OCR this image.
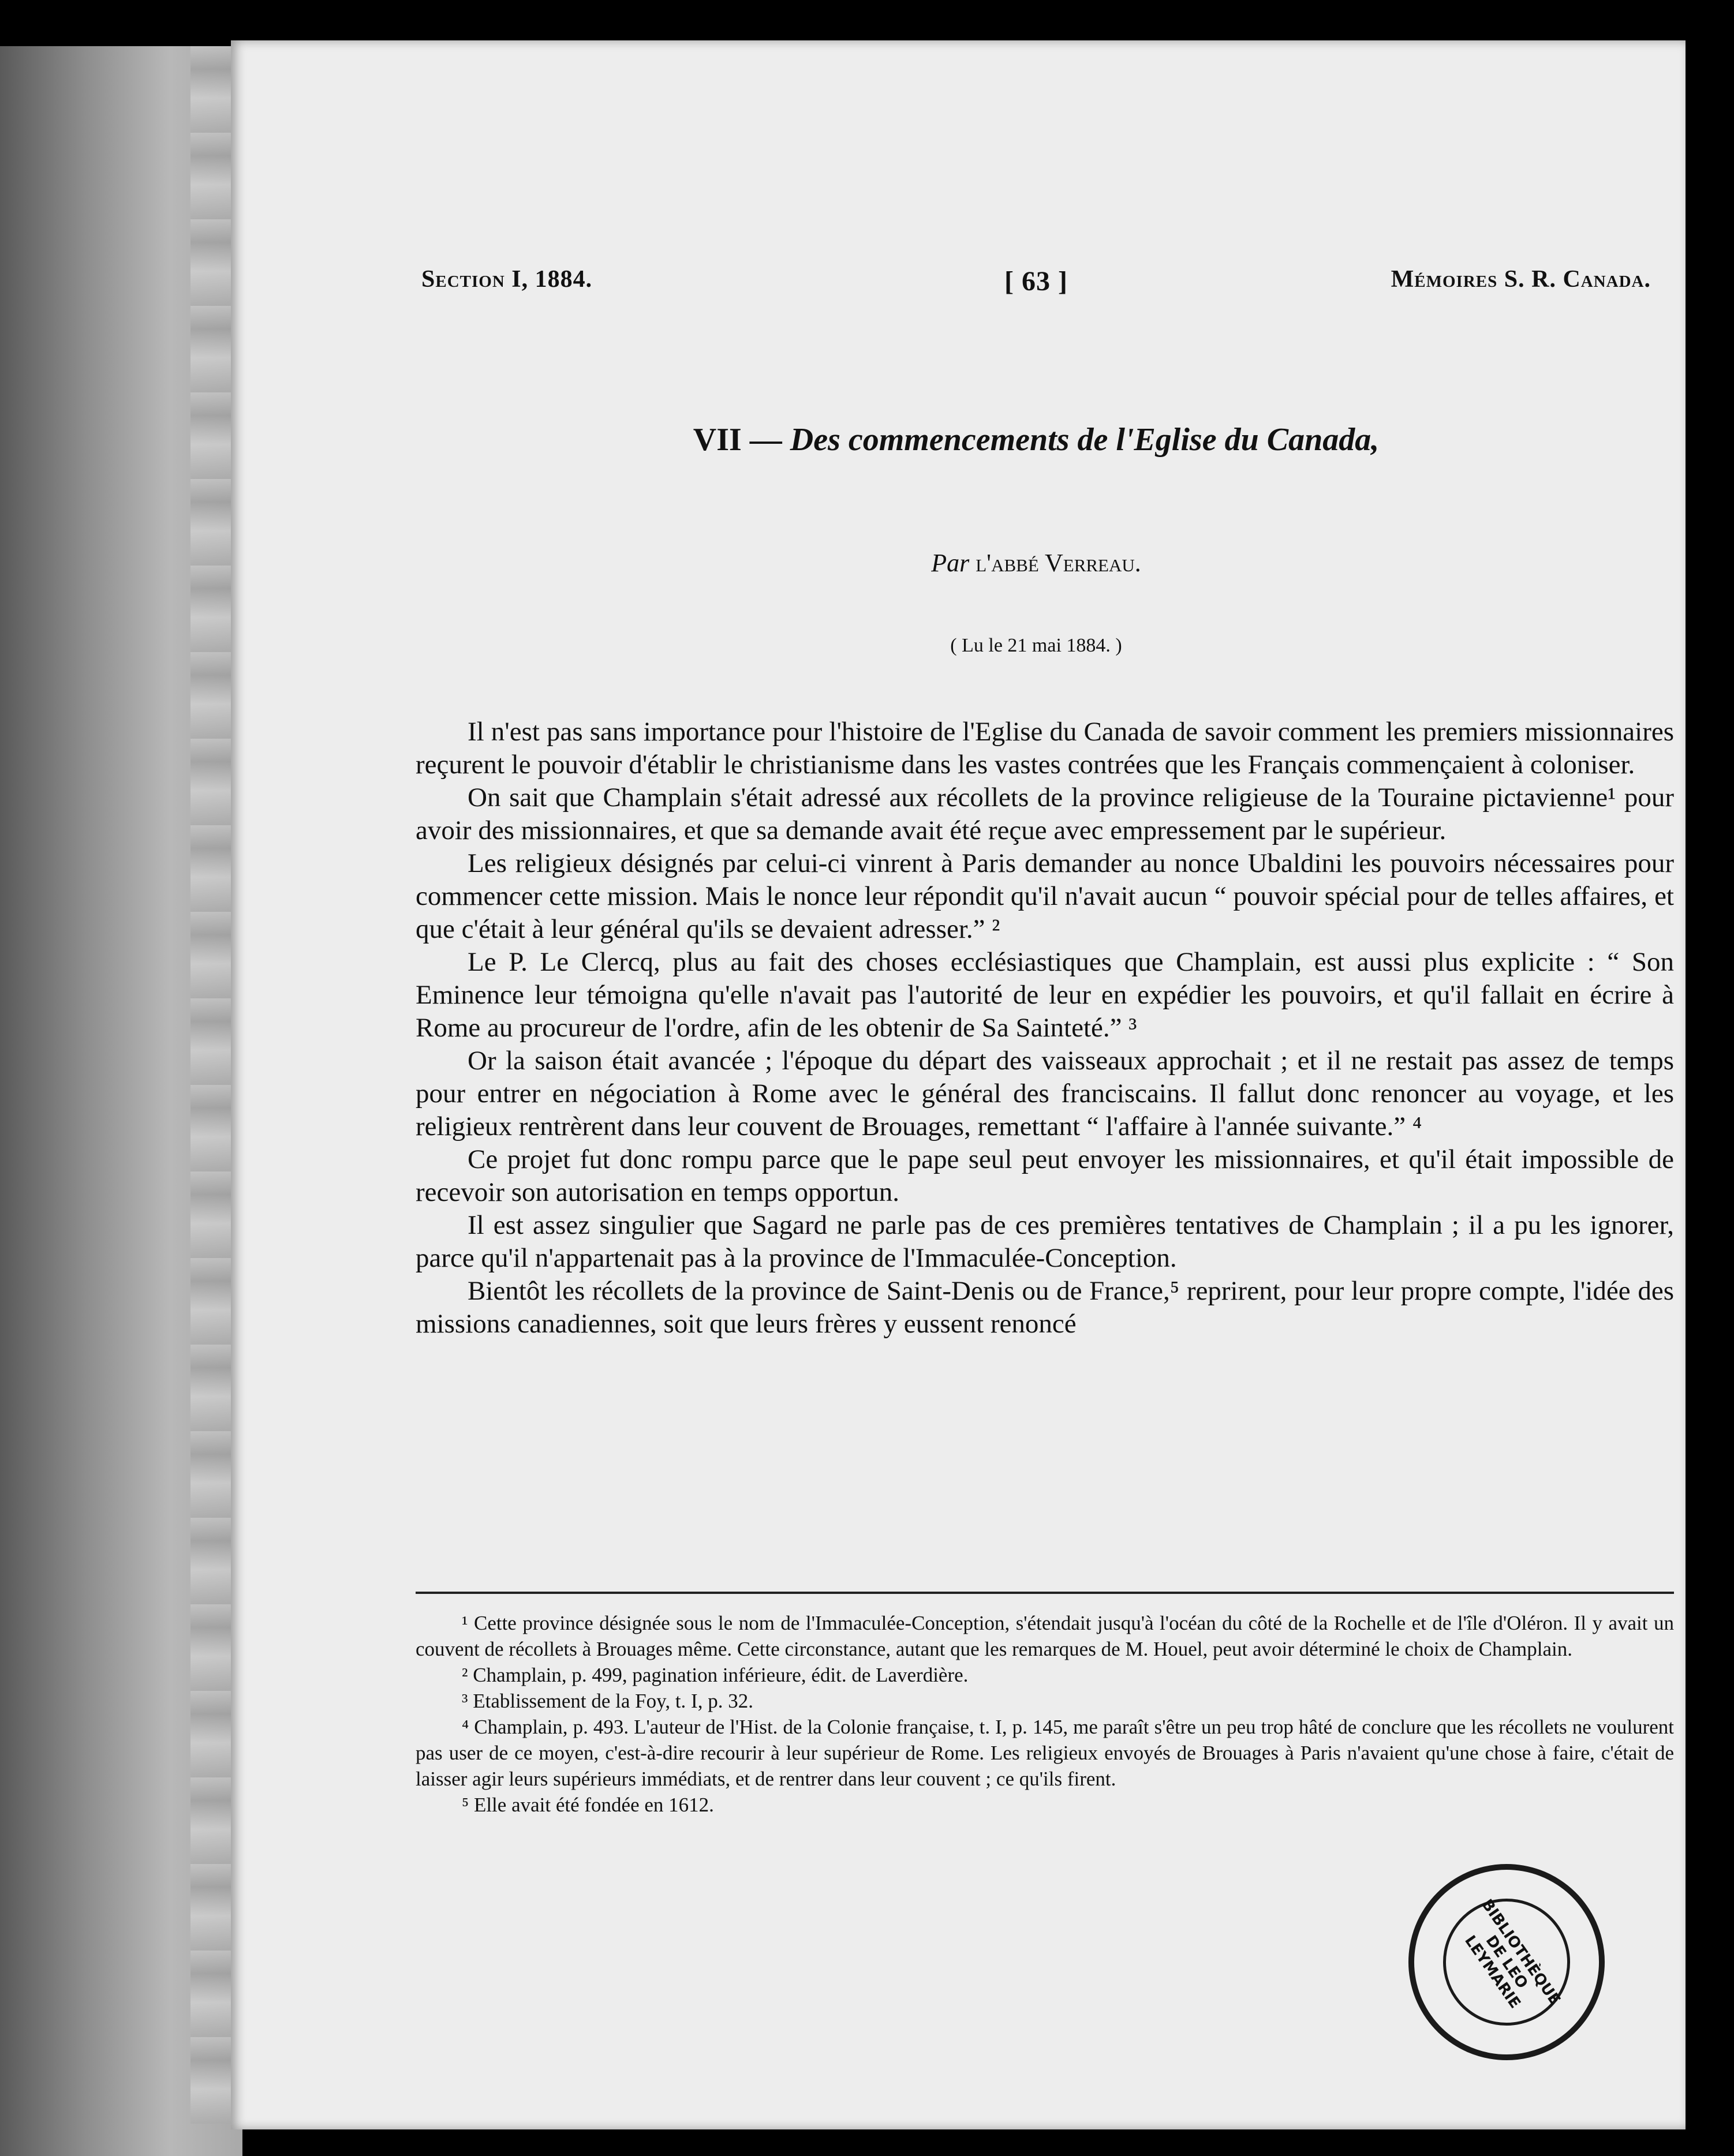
Section I, 1884.	[ 63 ]	Mémoires S. R. Canada.
VII — Des commencements de l'Eglise du Canada,
Par l'abbé Verreau.
( Lu le 21 mai 1884. )

Il n'est pas sans importance pour l'histoire de l'Eglise du Canada de savoir comment les premiers missionnaires reçurent le pouvoir d'établir le christianisme dans les vastes contrées que les Français commençaient à coloniser.

On sait que Champlain s'était adressé aux récollets de la province religieuse de la Touraine pictavienne¹ pour avoir des missionnaires, et que sa demande avait été reçue avec empressement par le supérieur.

Les religieux désignés par celui-ci vinrent à Paris demander au nonce Ubaldini les pouvoirs nécessaires pour commencer cette mission. Mais le nonce leur répondit qu'il n'avait aucun “ pouvoir spécial pour de telles affaires, et que c'était à leur général qu'ils se devaient adresser.” ²

Le P. Le Clercq, plus au fait des choses ecclésiastiques que Champlain, est aussi plus explicite : “ Son Eminence leur témoigna qu'elle n'avait pas l'autorité de leur en expédier les pouvoirs, et qu'il fallait en écrire à Rome au procureur de l'ordre, afin de les obtenir de Sa Sainteté.” ³

Or la saison était avancée ; l'époque du départ des vaisseaux approchait ; et il ne restait pas assez de temps pour entrer en négociation à Rome avec le général des franciscains. Il fallut donc renoncer au voyage, et les religieux rentrèrent dans leur couvent de Brouages, remettant “ l'affaire à l'année suivante.” ⁴

Ce projet fut donc rompu parce que le pape seul peut envoyer les missionnaires, et qu'il était impossible de recevoir son autorisation en temps opportun.

Il est assez singulier que Sagard ne parle pas de ces premières tentatives de Champlain ; il a pu les ignorer, parce qu'il n'appartenait pas à la province de l'Immaculée-Conception.

Bientôt les récollets de la province de Saint-Denis ou de France,⁵ reprirent, pour leur propre compte, l'idée des missions canadiennes, soit que leurs frères y eussent renoncé

¹ Cette province désignée sous le nom de l'Immaculée-Conception, s'étendait jusqu'à l'océan du côté de la Rochelle et de l'île d'Oléron. Il y avait un couvent de récollets à Brouages même. Cette circonstance, autant que les remarques de M. Houel, peut avoir déterminé le choix de Champlain.

² Champlain, p. 499, pagination inférieure, édit. de Laverdière.

³ Etablissement de la Foy, t. I, p. 32.

⁴ Champlain, p. 493. L'auteur de l'Hist. de la Colonie française, t. I, p. 145, me paraît s'être un peu trop hâté de conclure que les récollets ne voulurent pas user de ce moyen, c'est-à-dire recourir à leur supérieur de Rome. Les religieux envoyés de Brouages à Paris n'avaient qu'une chose à faire, c'était de laisser agir leurs supérieurs immédiats, et de rentrer dans leur couvent ; ce qu'ils firent.

⁵ Elle avait été fondée en 1612.

BIBLIOTHÈQUE DE LEO LEYMARIE
